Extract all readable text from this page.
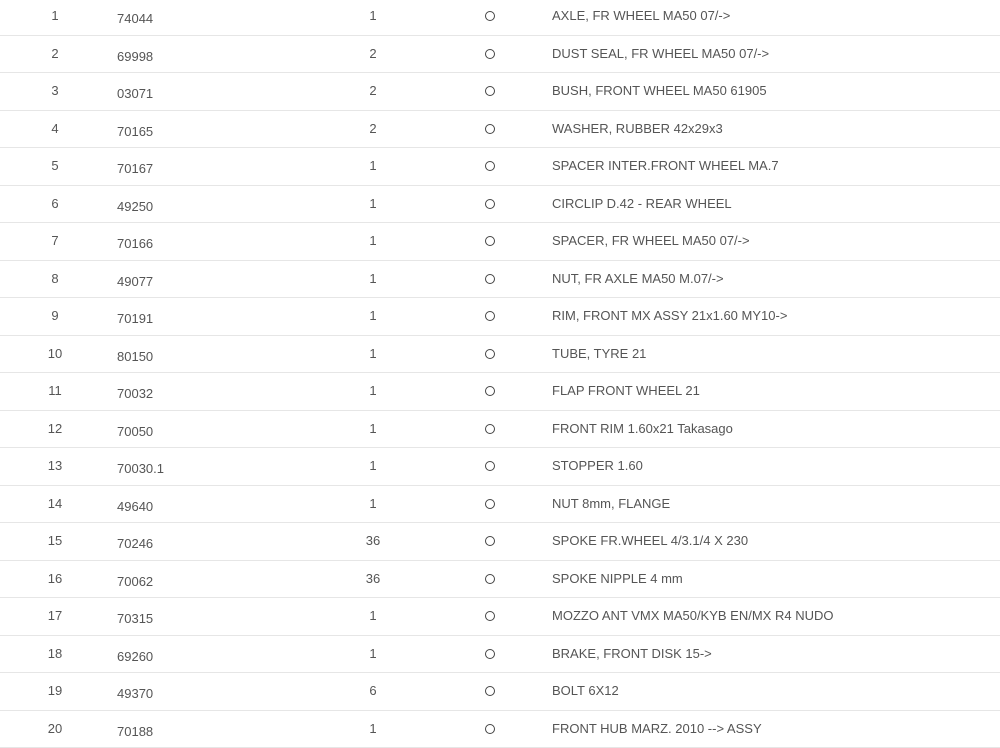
1	74044	1	AXLE, FR WHEEL MA50 07/->
2	69998	2	DUST SEAL, FR WHEEL MA50 07/->
3	03071	2	BUSH, FRONT WHEEL MA50 61905
4	70165	2	WASHER, RUBBER 42x29x3
5	70167	1	SPACER INTER.FRONT WHEEL MA.7
6	49250	1	CIRCLIP D.42 - REAR WHEEL
7	70166	1	SPACER, FR WHEEL MA50 07/->
8	49077	1	NUT, FR AXLE MA50 M.07/->
9	70191	1	RIM, FRONT MX ASSY 21x1.60 MY10->
10	80150	1	TUBE, TYRE 21
11	70032	1	FLAP FRONT WHEEL 21
12	70050	1	FRONT RIM 1.60x21 Takasago
13	70030.1	1	STOPPER 1.60
14	49640	1	NUT 8mm, FLANGE
15	70246	36	SPOKE FR.WHEEL 4/3.1/4 X 230
16	70062	36	SPOKE NIPPLE 4 mm
17	70315	1	MOZZO ANT VMX MA50/KYB EN/MX R4 NUDO
18	69260	1	BRAKE, FRONT DISK 15->
19	49370	6	BOLT 6X12
20	70188	1	FRONT HUB MARZ. 2010 --> ASSY
